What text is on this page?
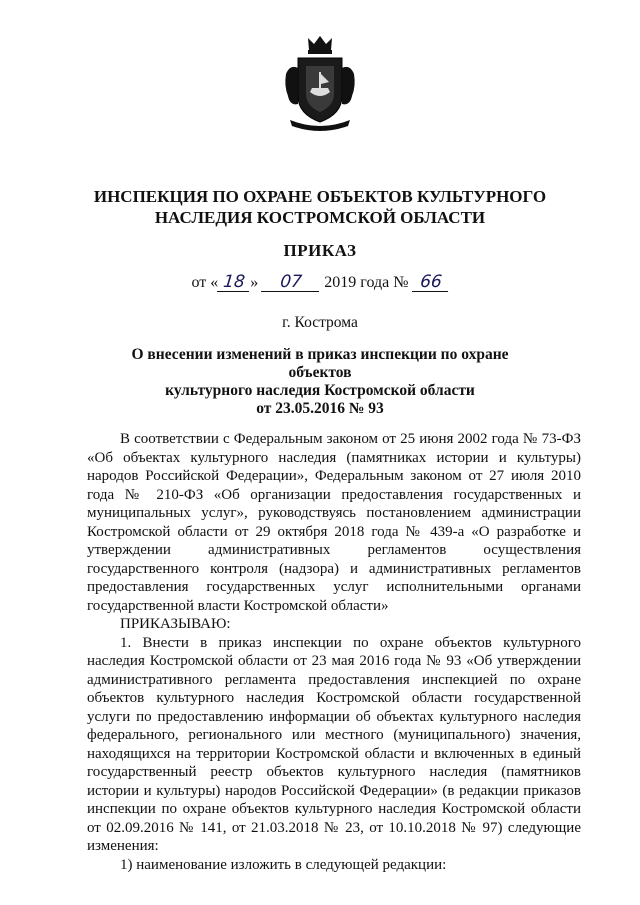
ИНСПЕКЦИЯ ПО ОХРАНЕ ОБЪЕКТОВ КУЛЬТУРНОГО
НАСЛЕДИЯ КОСТРОМСКОЙ ОБЛАСТИ
ПРИКАЗ
от « 18 » 07 2019 года № 66
г. Кострома
О внесении изменений в приказ инспекции по охране объектов
культурного наследия Костромской области
от 23.05.2016 № 93

В соответствии с Федеральным законом от 25 июня 2002 года № 73-ФЗ «Об объектах культурного наследия (памятниках истории и культуры) народов Российской Федерации», Федеральным законом от 27 июля 2010 года № 210-ФЗ «Об организации предоставления государственных и муниципальных услуг», руководствуясь постановлением администрации Костромской области от 29 октября 2018 года № 439-а «О разработке и утверждении административных регламентов осуществления государственного контроля (надзора) и административных регламентов предоставления государственных услуг исполнительными органами государственной власти Костромской области»

ПРИКАЗЫВАЮ:

1. Внести в приказ инспекции по охране объектов культурного наследия Костромской области от 23 мая 2016 года № 93 «Об утверждении административного регламента предоставления инспекцией по охране объектов культурного наследия Костромской области государственной услуги по предоставлению информации об объектах культурного наследия федерального, регионального или местного (муниципального) значения, находящихся на территории Костромской области и включенных в единый государственный реестр объектов культурного наследия (памятников истории и культуры) народов Российской Федерации» (в редакции приказов инспекции по охране объектов культурного наследия Костромской области от 02.09.2016 № 141, от 21.03.2018 № 23, от 10.10.2018 № 97) следующие изменения:

1) наименование изложить в следующей редакции:
